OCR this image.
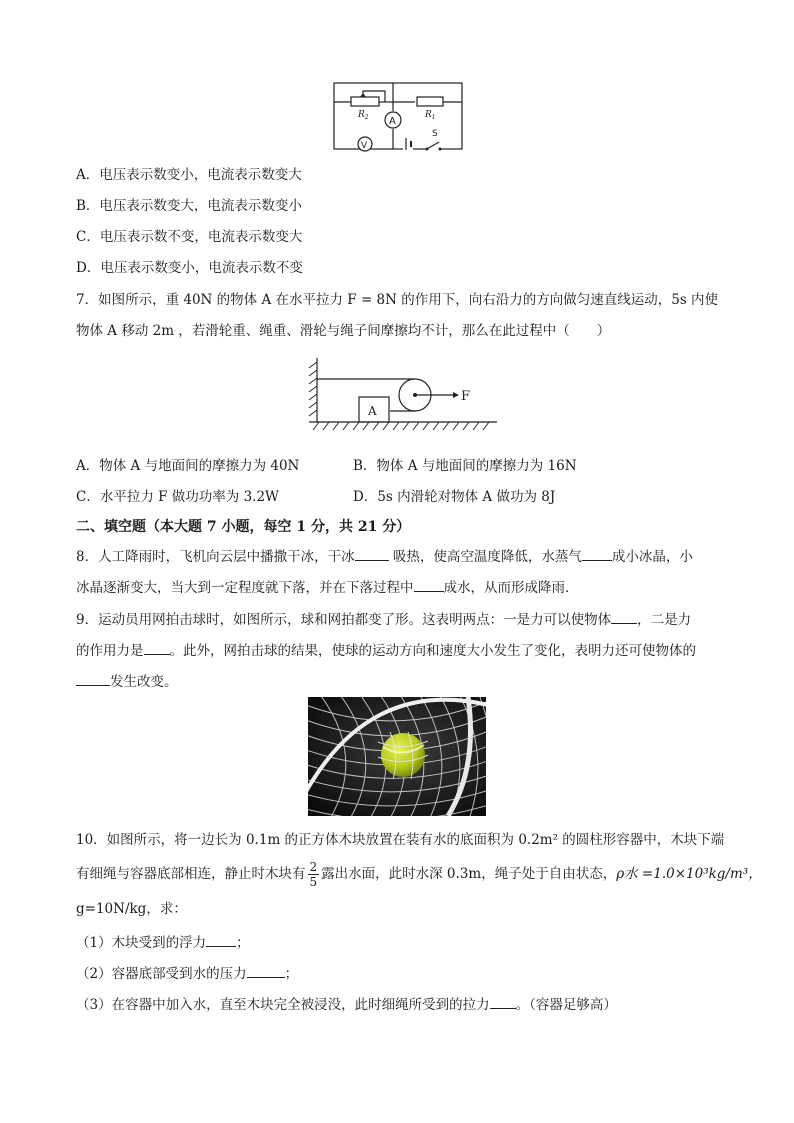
$R_2$	$R_1$
A
V
S
A．电压表示数变小，电流表示数变大
B．电压表示数变大，电流表示数变小
C．电压表示数不变，电流表示数变大
D．电压表示数变小，电流表示数不变
7．如图所示，重 40N 的物体 A 在水平拉力 F = 8N 的作用下，向右沿力的方向做匀速直线运动，5s 内使
物体 A 移动 2m ，若滑轮重、绳重、滑轮与绳子间摩擦均不计，那么在此过程中（　　）
A
F
A．物体 A 与地面间的摩擦力为 40N	B．物体 A 与地面间的摩擦力为 16N
C．水平拉力 F 做功功率为 3.2W	D．5s 内滑轮对物体 A 做功为 8J
二、填空题（本大题 7 小题，每空 1 分，共 21 分）
8．人工降雨时，飞机向云层中播撒干冰，干冰	吸热，使高空温度降低，水蒸气 成小冰晶，小
冰晶逐渐变大，当大到一定程度就下落，并在下落过程中 成水，从而形成降雨．
9．运动员用网拍击球时，如图所示，球和网拍都变了形。这表明两点：一是力可以使物体 ，二是力
的作用力是 。此外，网拍击球的结果，使球的运动方向和速度大小发生了变化，表明力还可使物体的
发生改变。
10．如图所示，将一边长为 0.1m 的正方体木块放置在装有水的底面积为 0.2m² 的圆柱形容器中，木块下端
有细绳与容器底部相连，静止时木块有 $\frac{2}{5}$ 露出水面，此时水深 0.3m，绳子处于自由状态，ρ水 =1.0×10³kg/m³，
g=10N/kg，求：
（1）木块受到的浮力 ；
（2）容器底部受到水的压力	；
（3）在容器中加入水，直至木块完全被浸没，此时细绳所受到的拉力 。（容器足够高）
